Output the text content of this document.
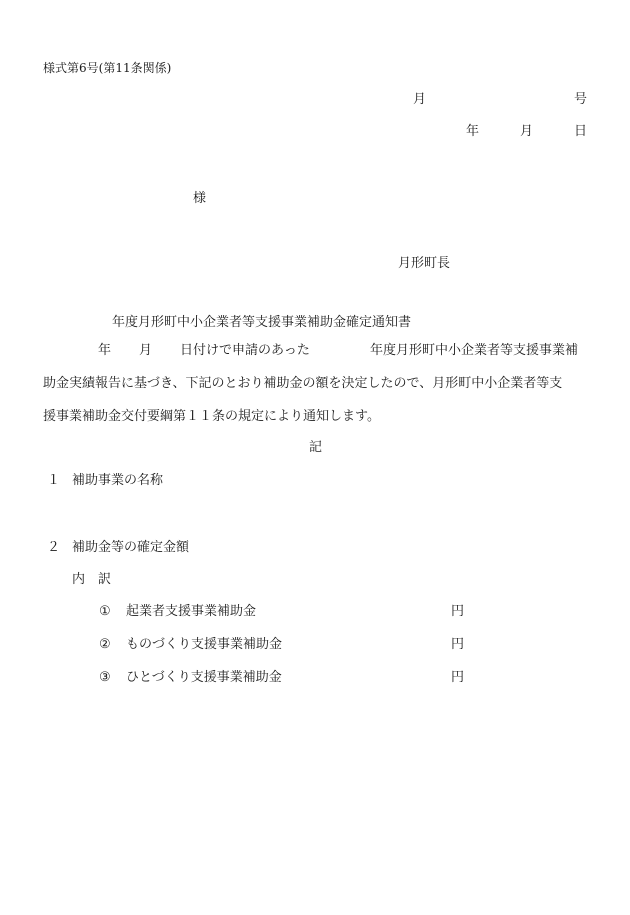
様式第6号(第11条関係)
月	号
年	月	日
様
月形町長
年度月形町中小企業者等支援事業補助金確定通知書
年 月 日付けで申請のあった	年度月形町中小企業者等支援事業補
助金実績報告に基づき、下記のとおり補助金の額を決定したので、月形町中小企業者等支
援事業補助金交付要綱第１１条の規定により通知します。
記
１ 補助事業の名称
２ 補助金等の確定金額
内　訳
① 起業者支援事業補助金	円
② ものづくり支援事業補助金	円
③ ひとづくり支援事業補助金	円
